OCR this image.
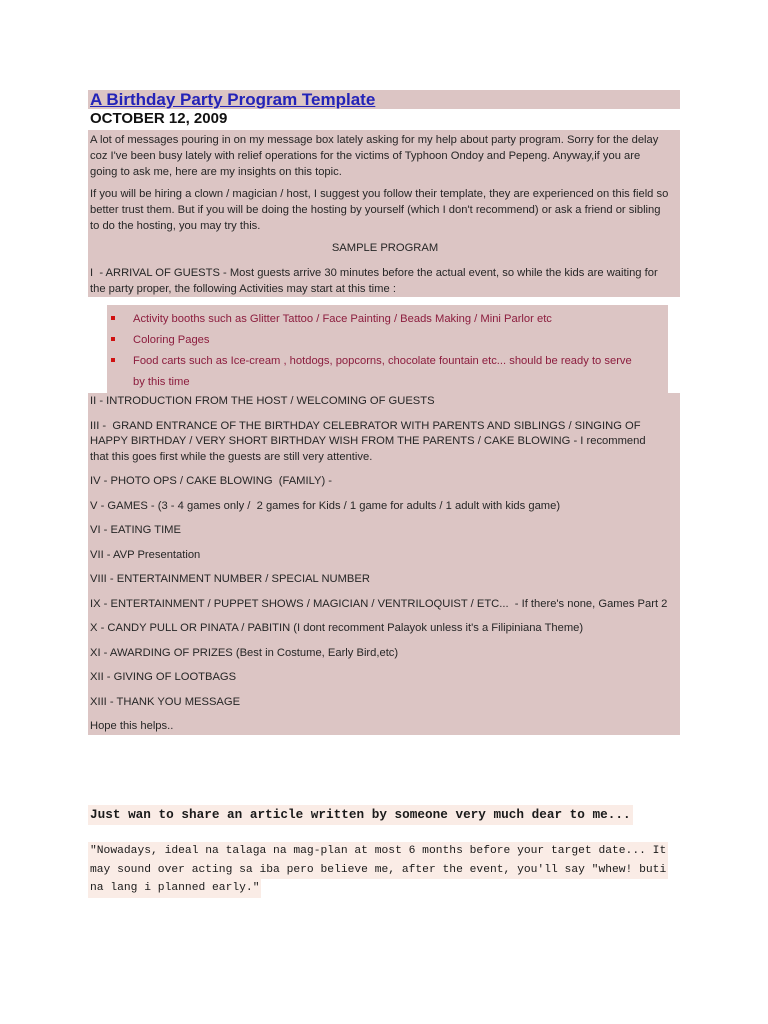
A Birthday Party Program Template
OCTOBER 12, 2009
A lot of messages pouring in on my message box lately asking for my help about party program. Sorry for the delay
coz I've been busy lately with relief operations for the victims of Typhoon Ondoy and Pepeng. Anyway,if you are
going to ask me, here are my insights on this topic.
If you will be hiring a clown / magician / host, I suggest you follow their template, they are experienced on this field so
better trust them. But if you will be doing the hosting by yourself (which I don't recommend) or ask a friend or sibling
to do the hosting, you may try this.
SAMPLE PROGRAM
I  - ARRIVAL OF GUESTS - Most guests arrive 30 minutes before the actual event, so while the kids are waiting for
the party proper, the following Activities may start at this time :
Activity booths such as Glitter Tattoo / Face Painting / Beads Making / Mini Parlor etc
Coloring Pages
Food carts such as Ice-cream , hotdogs, popcorns, chocolate fountain etc... should be ready to serve
by this time
II - INTRODUCTION FROM THE HOST / WELCOMING OF GUESTS
III -  GRAND ENTRANCE OF THE BIRTHDAY CELEBRATOR WITH PARENTS AND SIBLINGS / SINGING OF
HAPPY BIRTHDAY / VERY SHORT BIRTHDAY WISH FROM THE PARENTS / CAKE BLOWING - I recommend
that this goes first while the guests are still very attentive.
IV - PHOTO OPS / CAKE BLOWING  (FAMILY) -
V - GAMES - (3 - 4 games only /  2 games for Kids / 1 game for adults / 1 adult with kids game)
VI - EATING TIME
VII - AVP Presentation
VIII - ENTERTAINMENT NUMBER / SPECIAL NUMBER
IX - ENTERTAINMENT / PUPPET SHOWS / MAGICIAN / VENTRILOQUIST / ETC...  - If there's none, Games Part 2
X - CANDY PULL OR PINATA / PABITIN (I dont recomment Palayok unless it's a Filipiniana Theme)
XI - AWARDING OF PRIZES (Best in Costume, Early Bird,etc)
XII - GIVING OF LOOTBAGS
XIII - THANK YOU MESSAGE
Hope this helps..
Just wan to share an article written by someone very much dear to me...
"Nowadays, ideal na talaga na mag-plan at most 6 months before your target date... It
may sound over acting sa iba pero believe me, after the event, you'll say "whew! buti
na lang i planned early."
